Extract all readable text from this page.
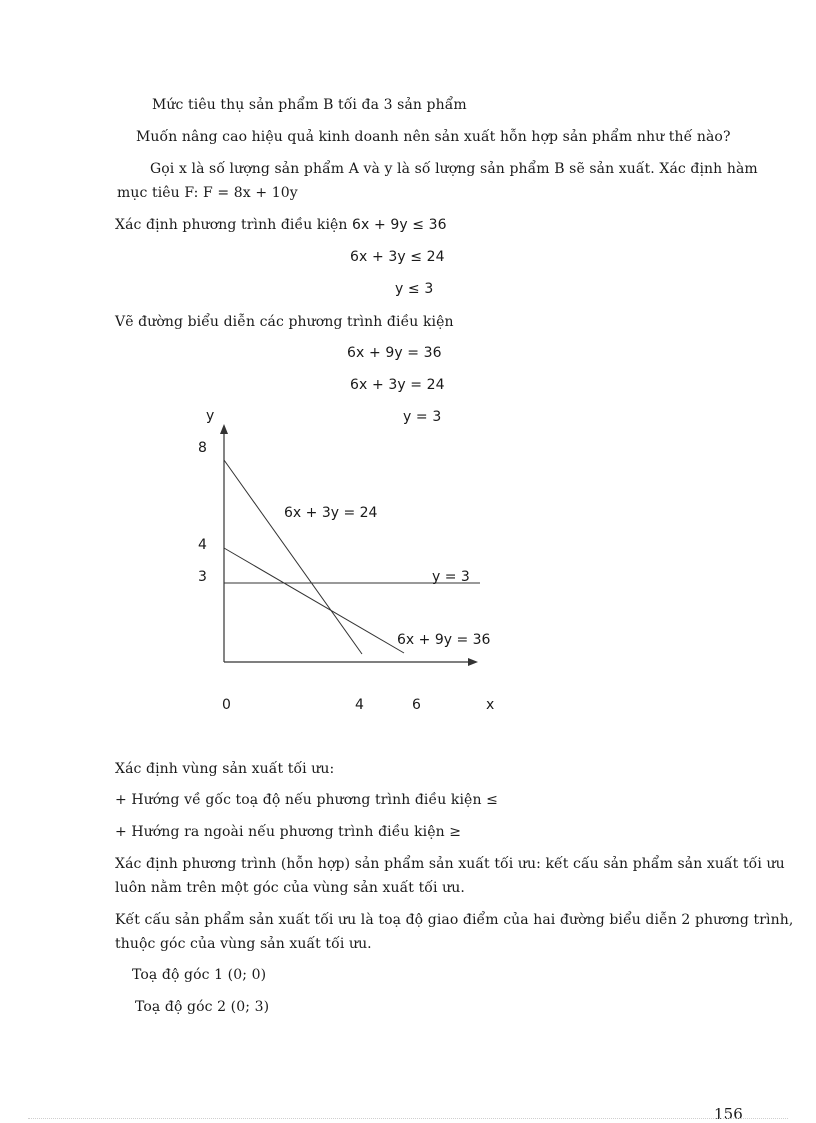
Mức tiêu thụ sản phẩm B tối đa 3 sản phẩm
Muốn nâng cao hiệu quả kinh doanh nên sản xuất hỗn hợp sản phẩm như thế nào?
Gọi x là số lượng sản phẩm A và y là số lượng sản phẩm B sẽ sản xuất. Xác định hàm
mục tiêu F: F = 8x + 10y
Xác định phương trình điều kiện 6x + 9y ≤ 36
6x + 3y ≤ 24
y ≤ 3
Vẽ đường biểu diễn các phương trình điều kiện
6x + 9y = 36
6x + 3y = 24
y = 3
y
8
4
3
6x + 3y = 24
y = 3
6x + 9y = 36
0	4	6	x
Xác định vùng sản xuất tối ưu:
+ Hướng về gốc toạ độ nếu phương trình điều kiện ≤
+ Hướng ra ngoài nếu phương trình điều kiện ≥
Xác định phương trình (hỗn hợp) sản phẩm sản xuất tối ưu: kết cấu sản phẩm sản xuất tối ưu
luôn nằm trên một góc của vùng sản xuất tối ưu.
Kết cấu sản phẩm sản xuất tối ưu là toạ độ giao điểm của hai đường biểu diễn 2 phương trình,
thuộc góc của vùng sản xuất tối ưu.
Toạ độ góc 1 (0; 0)
Toạ độ góc 2 (0; 3)
156
